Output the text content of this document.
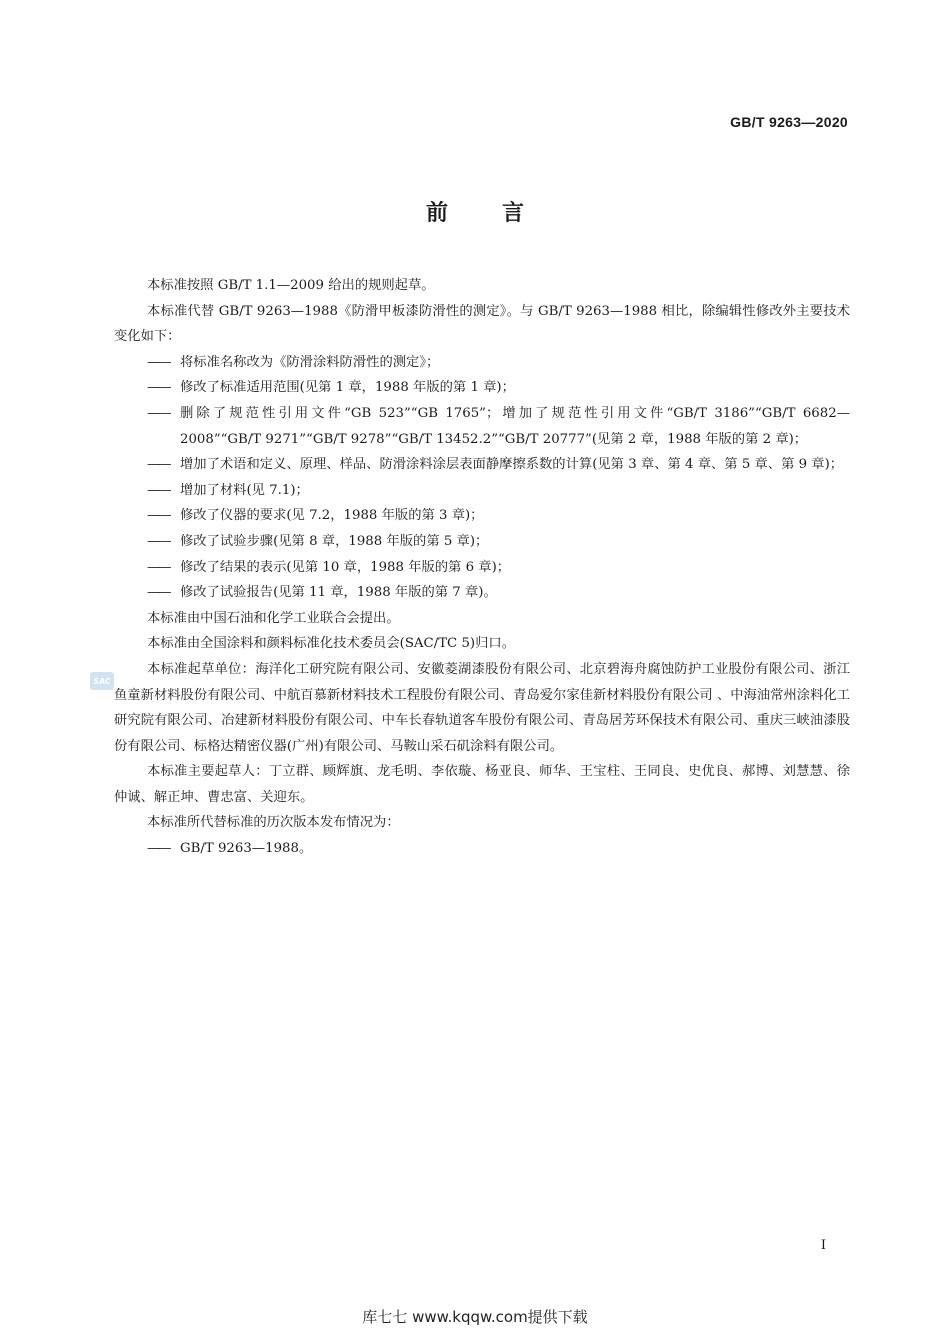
GB/T 9263—2020
前 言
SAC

本标准按照 GB/T 1.1—2009 给出的规则起草。

本标准代替 GB/T 9263—1988《防滑甲板漆防滑性的测定》。与 GB/T 9263—1988 相比，除编辑性修改外主要技术变化如下：

—— 将标准名称改为《防滑涂料防滑性的测定》；

—— 修改了标准适用范围(见第 1 章，1988 年版的第 1 章)；

—— 删除了规范性引用文件“GB 523”“GB 1765”；增加了规范性引用文件“GB/T 3186”“GB/T 6682—2008”“GB/T 9271”“GB/T 9278”“GB/T 13452.2”“GB/T 20777”(见第 2 章，1988 年版的第 2 章)；

—— 增加了术语和定义、原理、样品、防滑涂料涂层表面静摩擦系数的计算(见第 3 章、第 4 章、第 5 章、第 9 章)；

—— 增加了材料(见 7.1)；

—— 修改了仪器的要求(见 7.2，1988 年版的第 3 章)；

—— 修改了试验步骤(见第 8 章，1988 年版的第 5 章)；

—— 修改了结果的表示(见第 10 章，1988 年版的第 6 章)；

—— 修改了试验报告(见第 11 章，1988 年版的第 7 章)。

本标准由中国石油和化学工业联合会提出。

本标准由全国涂料和颜料标准化技术委员会(SAC/TC 5)归口。

本标准起草单位：海洋化工研究院有限公司、安徽菱湖漆股份有限公司、北京碧海舟腐蚀防护工业股份有限公司、浙江鱼童新材料股份有限公司、中航百慕新材料技术工程股份有限公司、青岛爱尔家佳新材料股份有限公司 、中海油常州涂料化工研究院有限公司、冶建新材料股份有限公司、中车长春轨道客车股份有限公司、青岛居芳环保技术有限公司、重庆三峡油漆股份有限公司、标格达精密仪器(广州)有限公司、马鞍山采石矶涂料有限公司。

本标准主要起草人：丁立群、顾辉旗、龙毛明、李依璇、杨亚良、师华、王宝柱、王同良、史优良、郝博、刘慧慧、徐仲诚、解正坤、曹忠富、关迎东。

本标准所代替标准的历次版本发布情况为：

—— GB/T 9263—1988。

I
库七七 www.kqqw.com提供下载
